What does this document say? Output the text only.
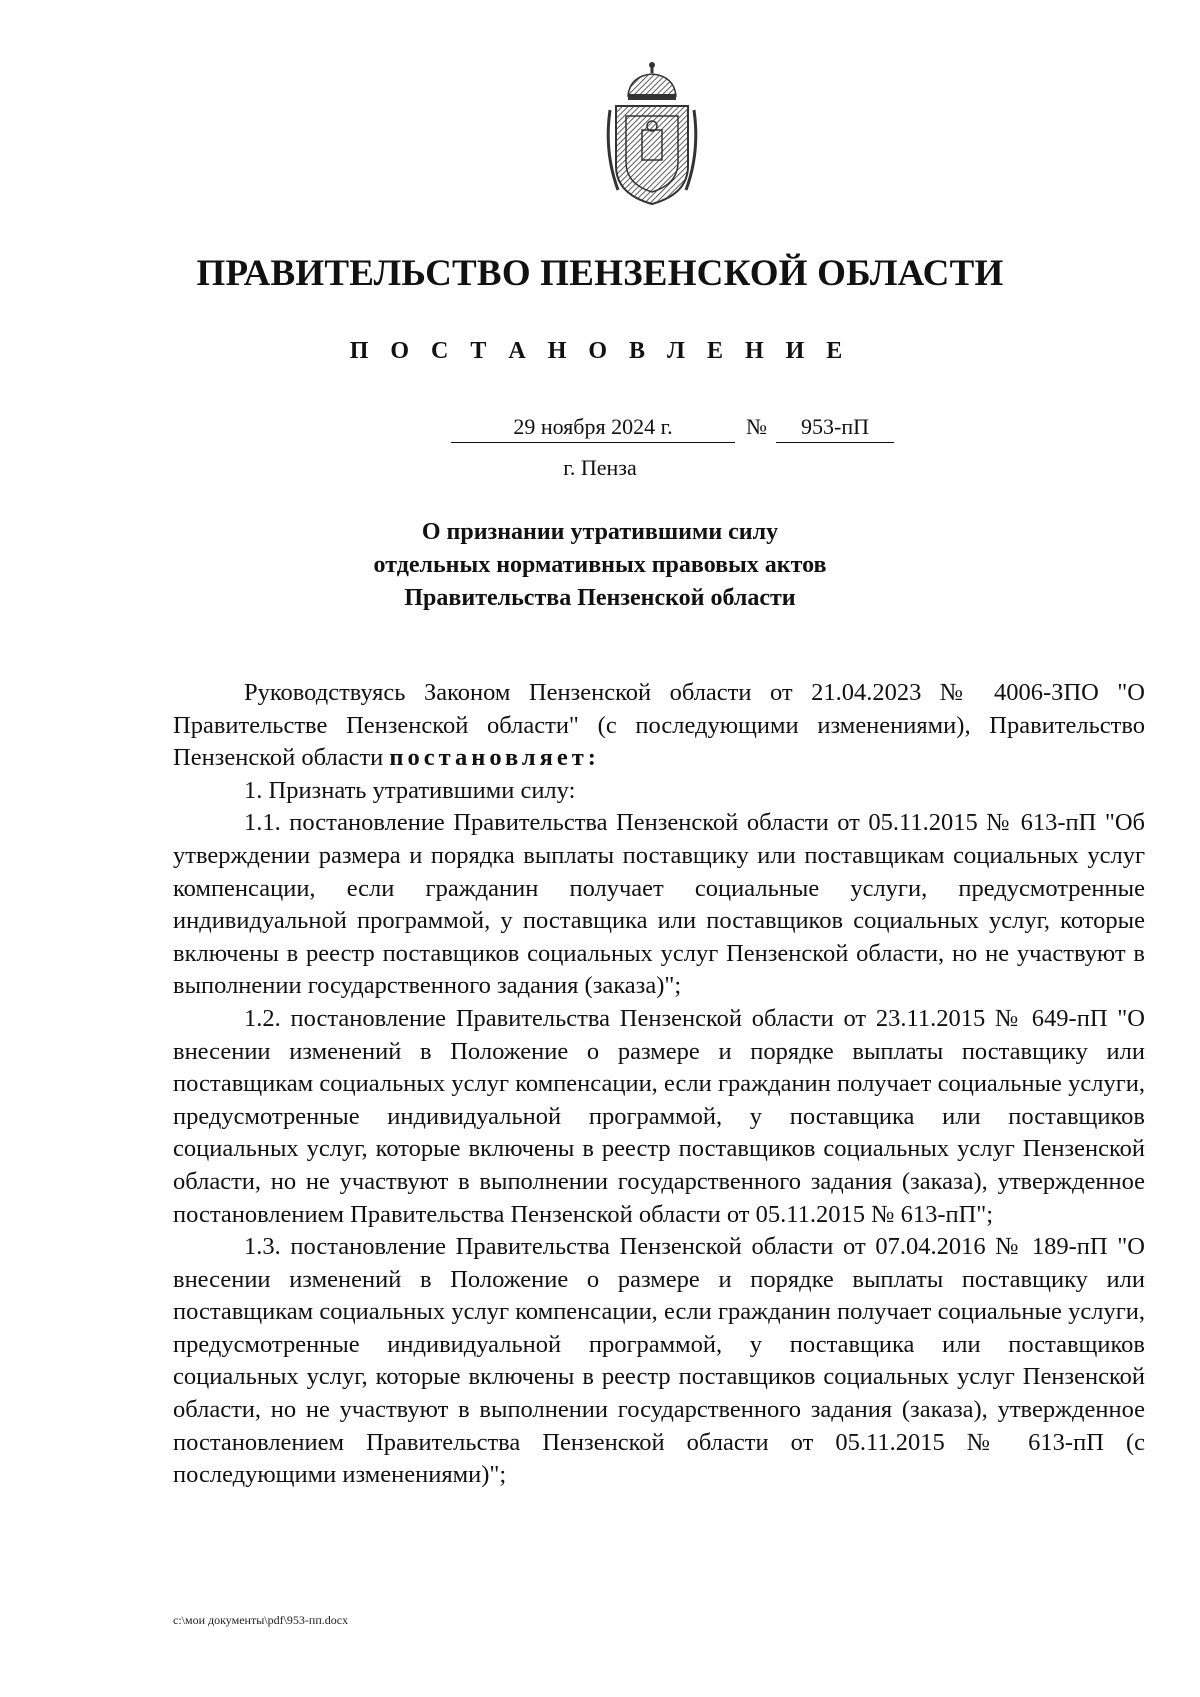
ПРАВИТЕЛЬСТВО ПЕНЗЕНСКОЙ ОБЛАСТИ
П О С Т А Н О В Л Е Н И Е
29 ноября 2024 г.	№	953-пП
г. Пенза
О признании утратившими силу
отдельных нормативных правовых актов
Правительства Пензенской области

Руководствуясь Законом Пензенской области от 21.04.2023 № 4006-ЗПО "О Правительстве Пензенской области" (с последующими изменениями), Правительство Пензенской области постановляет:

1. Признать утратившими силу:

1.1. постановление Правительства Пензенской области от 05.11.2015 № 613-пП "Об утверждении размера и порядка выплаты поставщику или поставщикам социальных услуг компенсации, если гражданин получает социальные услуги, предусмотренные индивидуальной программой, у поставщика или поставщиков социальных услуг, которые включены в реестр поставщиков социальных услуг Пензенской области, но не участвуют в выполнении государственного задания (заказа)";

1.2. постановление Правительства Пензенской области от 23.11.2015 № 649-пП "О внесении изменений в Положение о размере и порядке выплаты поставщику или поставщикам социальных услуг компенсации, если гражданин получает социальные услуги, предусмотренные индивидуальной программой, у поставщика или поставщиков социальных услуг, которые включены в реестр поставщиков социальных услуг Пензенской области, но не участвуют в выполнении государственного задания (заказа), утвержденное постановлением Правительства Пензенской области от 05.11.2015 № 613-пП";

1.3. постановление Правительства Пензенской области от 07.04.2016 № 189-пП "О внесении изменений в Положение о размере и порядке выплаты поставщику или поставщикам социальных услуг компенсации, если гражданин получает социальные услуги, предусмотренные индивидуальной программой, у поставщика или поставщиков социальных услуг, которые включены в реестр поставщиков социальных услуг Пензенской области, но не участвуют в выполнении государственного задания (заказа), утвержденное постановлением Правительства Пензенской области от 05.11.2015 № 613-пП (с последующими изменениями)";

c:\мои документы\pdf\953-пп.docx
